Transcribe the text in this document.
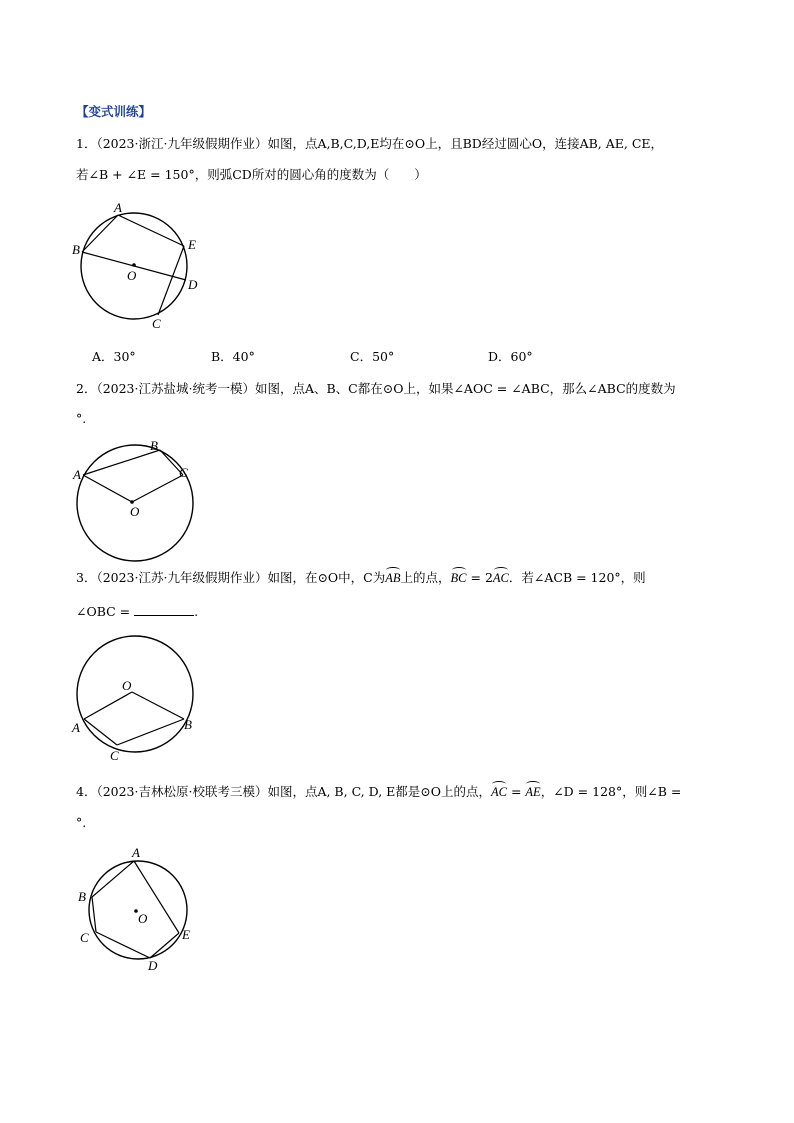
【变式训练】
1．（2023·浙江·九年级假期作业）如图，点A,B,C,D,E均在⊙O上，且BD经过圆心O，连接AB, AE, CE，
若∠B + ∠E = 150°，则弧CD所对的圆心角的度数为（　　）
A
B
C
D
E
O
A．30°	B．40°	C．50°	D．60°
2．（2023·江苏盐城·统考一模）如图，点A、B、C都在⊙O上，如果∠AOC = ∠ABC，那么∠ABC的度数为
°.
A
B
C
O
3．（2023·江苏·九年级假期作业）如图，在⊙O中，C为AB上的点，BC = 2AC．若∠ACB = 120°，则
∠OBC =	.
O
A	B
C
4．（2023·吉林松原·校联考三模）如图，点A, B, C, D, E都是⊙O上的点，AC = AE，∠D = 128°，则∠B =
°.
A
B
C
D
E
O
